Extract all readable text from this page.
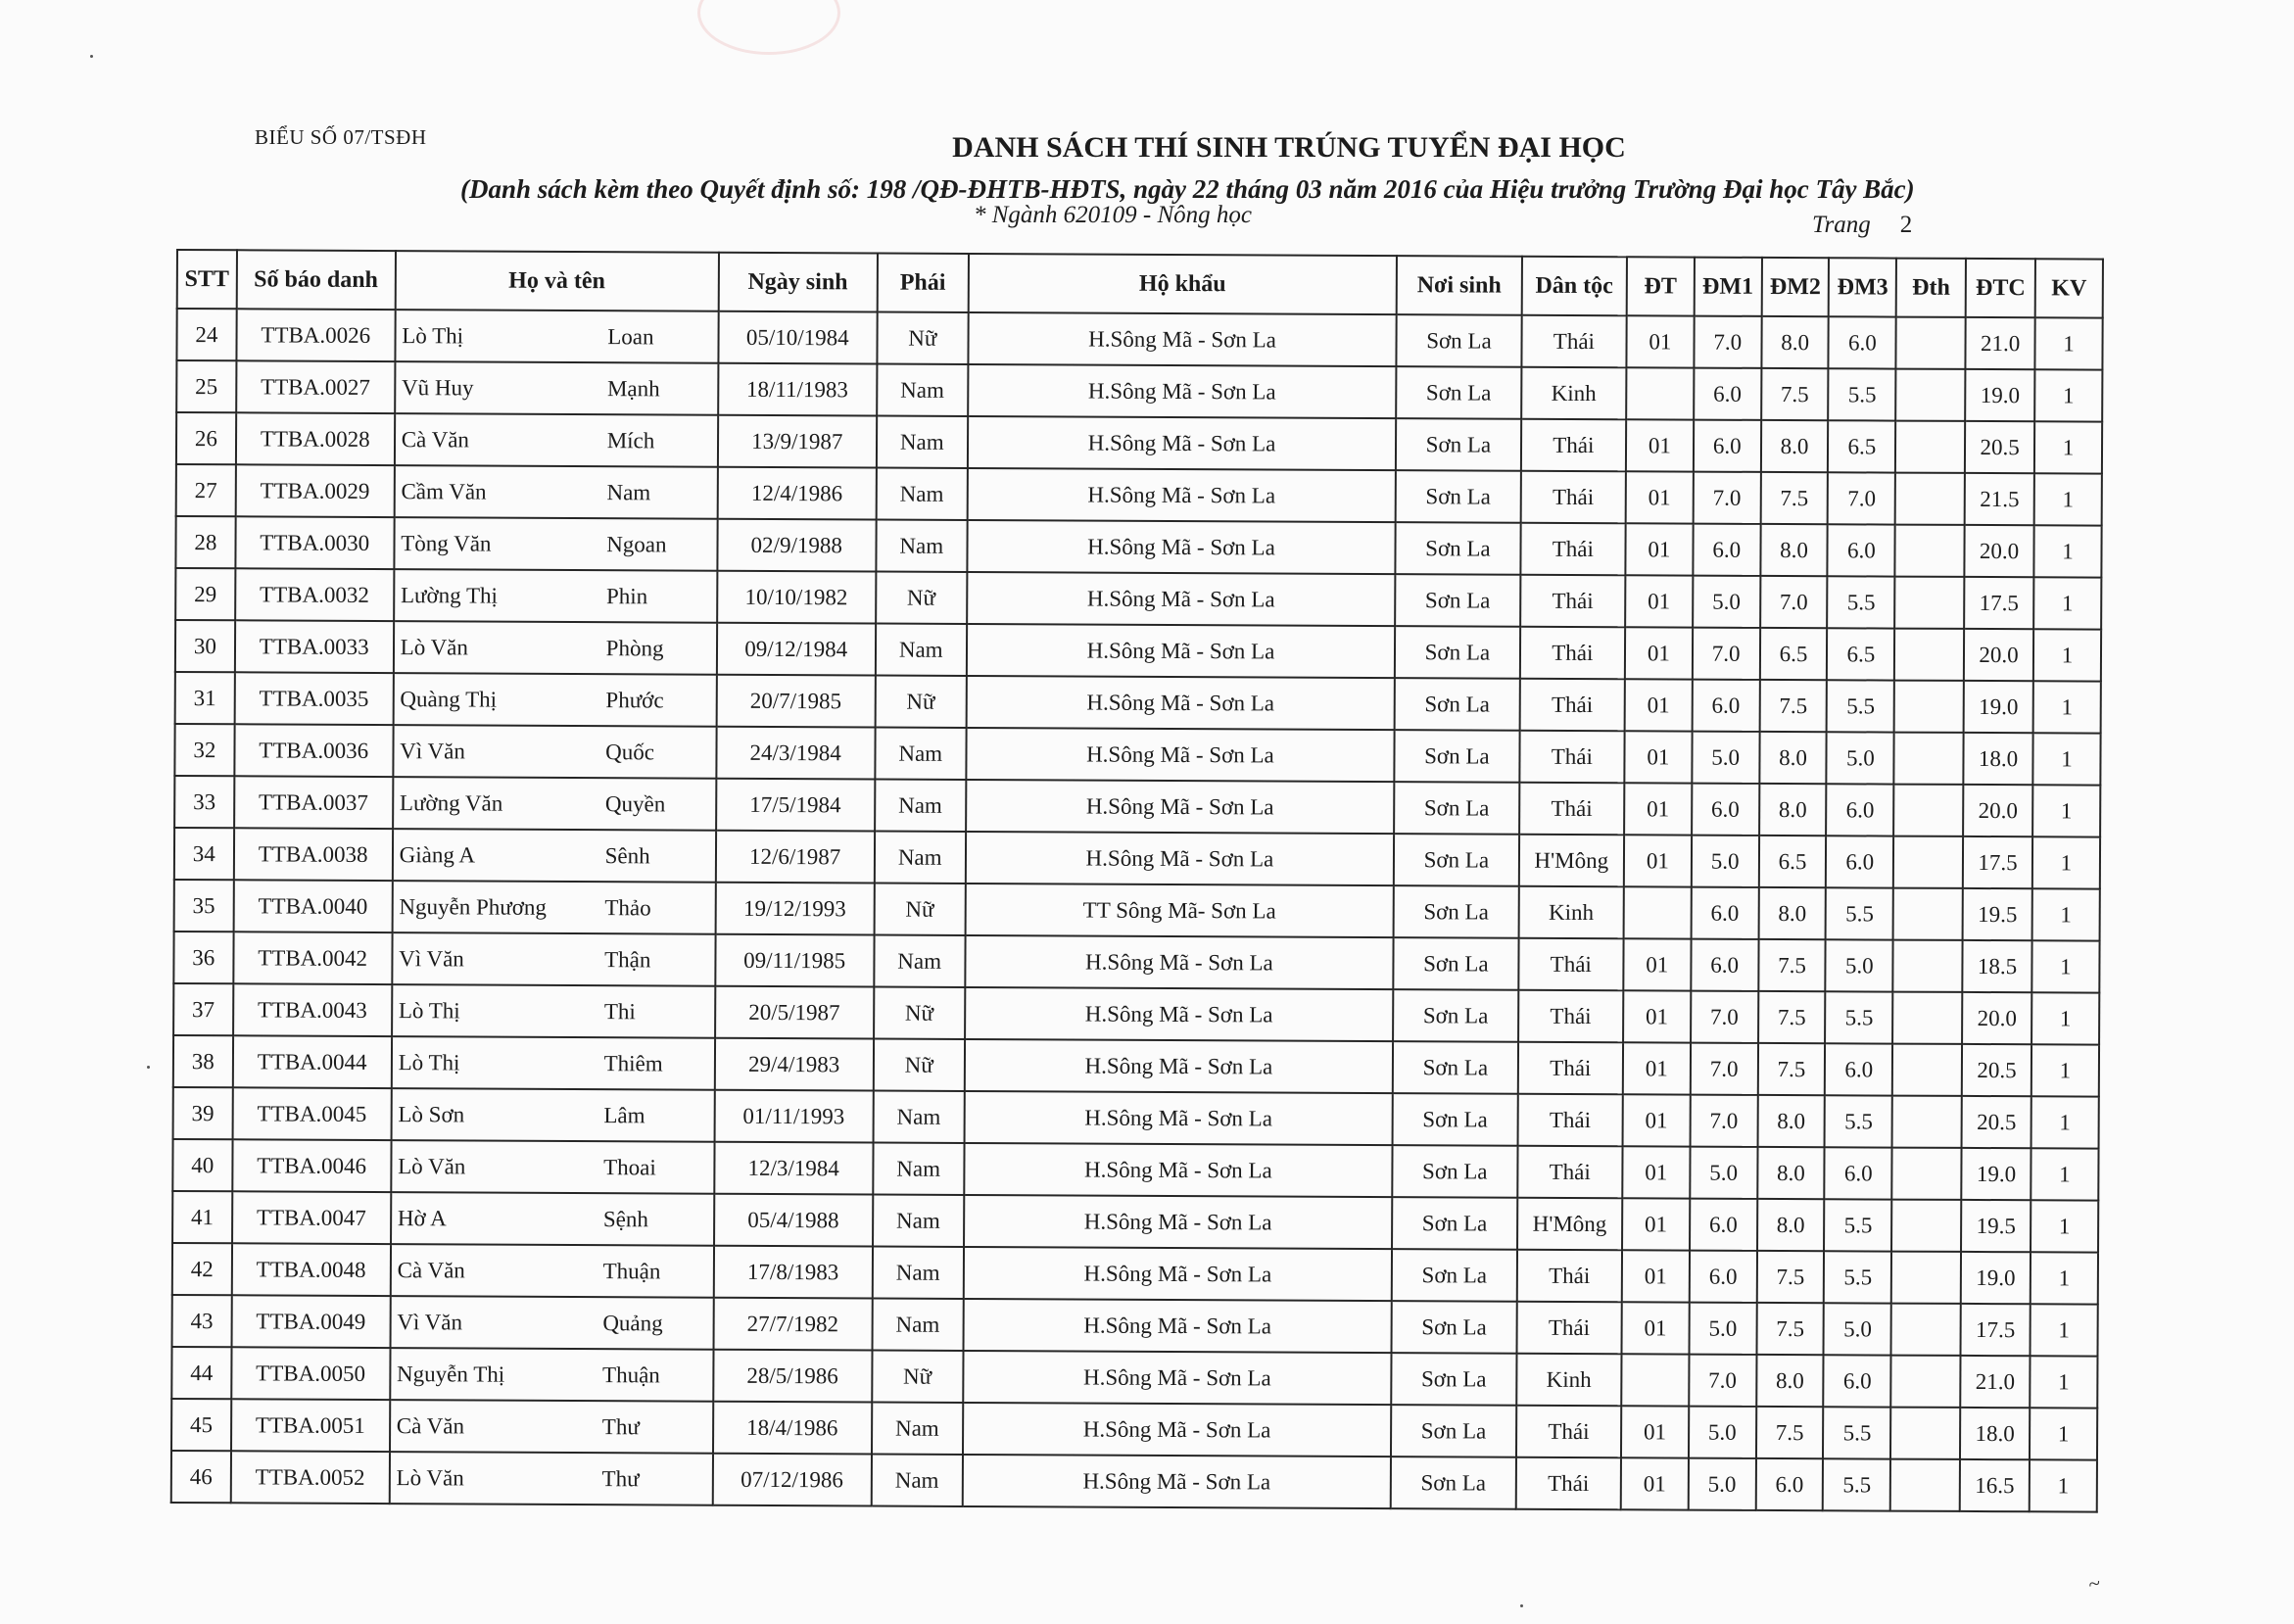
BIỂU SỐ 07/TSĐH	DANH SÁCH THÍ SINH TRÚNG TUYỂN ĐẠI HỌC
(Danh sách kèm theo Quyết định số: 198 /QĐ-ĐHTB-HĐTS, ngày 22 tháng 03 năm 2016 của Hiệu trưởng Trường Đại học Tây Bắc)
* Ngành 620109 - Nông học	Trang 2
STT	Số báo danh	Họ và tên	Ngày sinh	Phái	Hộ khẩu	Nơi sinh	Dân tộc	ĐT	ĐM1	ĐM2	ĐM3	Đth	ĐTC	KV
24	TTBA.0026	Lò Thị Loan	05/10/1984	Nữ	H.Sông Mã - Sơn La	Sơn La	Thái	01	7.0	8.0	6.0		21.0	1
25	TTBA.0027	Vũ Huy Mạnh	18/11/1983	Nam	H.Sông Mã - Sơn La	Sơn La	Kinh		6.0	7.5	5.5		19.0	1
26	TTBA.0028	Cà Văn Mích	13/9/1987	Nam	H.Sông Mã - Sơn La	Sơn La	Thái	01	6.0	8.0	6.5		20.5	1
27	TTBA.0029	Cầm Văn Nam	12/4/1986	Nam	H.Sông Mã - Sơn La	Sơn La	Thái	01	7.0	7.5	7.0		21.5	1
28	TTBA.0030	Tòng Văn Ngoan	02/9/1988	Nam	H.Sông Mã - Sơn La	Sơn La	Thái	01	6.0	8.0	6.0		20.0	1
29	TTBA.0032	Lường Thị Phin	10/10/1982	Nữ	H.Sông Mã - Sơn La	Sơn La	Thái	01	5.0	7.0	5.5		17.5	1
30	TTBA.0033	Lò Văn Phòng	09/12/1984	Nam	H.Sông Mã - Sơn La	Sơn La	Thái	01	7.0	6.5	6.5		20.0	1
31	TTBA.0035	Quàng Thị Phước	20/7/1985	Nữ	H.Sông Mã - Sơn La	Sơn La	Thái	01	6.0	7.5	5.5		19.0	1
32	TTBA.0036	Vì Văn Quốc	24/3/1984	Nam	H.Sông Mã - Sơn La	Sơn La	Thái	01	5.0	8.0	5.0		18.0	1
33	TTBA.0037	Lường Văn Quyền	17/5/1984	Nam	H.Sông Mã - Sơn La	Sơn La	Thái	01	6.0	8.0	6.0		20.0	1
34	TTBA.0038	Giàng A Sênh	12/6/1987	Nam	H.Sông Mã - Sơn La	Sơn La	H'Mông	01	5.0	6.5	6.0		17.5	1
35	TTBA.0040	Nguyễn Phương Thảo	19/12/1993	Nữ	TT Sông Mã- Sơn La	Sơn La	Kinh		6.0	8.0	5.5		19.5	1
36	TTBA.0042	Vì Văn Thận	09/11/1985	Nam	H.Sông Mã - Sơn La	Sơn La	Thái	01	6.0	7.5	5.0		18.5	1
37	TTBA.0043	Lò Thị Thi	20/5/1987	Nữ	H.Sông Mã - Sơn La	Sơn La	Thái	01	7.0	7.5	5.5		20.0	1
38	TTBA.0044	Lò Thị Thiêm	29/4/1983	Nữ	H.Sông Mã - Sơn La	Sơn La	Thái	01	7.0	7.5	6.0		20.5	1
39	TTBA.0045	Lò Sơn Lâm	01/11/1993	Nam	H.Sông Mã - Sơn La	Sơn La	Thái	01	7.0	8.0	5.5		20.5	1
40	TTBA.0046	Lò Văn Thoai	12/3/1984	Nam	H.Sông Mã - Sơn La	Sơn La	Thái	01	5.0	8.0	6.0		19.0	1
41	TTBA.0047	Hờ A Sệnh	05/4/1988	Nam	H.Sông Mã - Sơn La	Sơn La	H'Mông	01	6.0	8.0	5.5		19.5	1
42	TTBA.0048	Cà Văn Thuận	17/8/1983	Nam	H.Sông Mã - Sơn La	Sơn La	Thái	01	6.0	7.5	5.5		19.0	1
43	TTBA.0049	Vì Văn Quảng	27/7/1982	Nam	H.Sông Mã - Sơn La	Sơn La	Thái	01	5.0	7.5	5.0		17.5	1
44	TTBA.0050	Nguyễn Thị Thuận	28/5/1986	Nữ	H.Sông Mã - Sơn La	Sơn La	Kinh		7.0	8.0	6.0		21.0	1
45	TTBA.0051	Cà Văn Thư	18/4/1986	Nam	H.Sông Mã - Sơn La	Sơn La	Thái	01	5.0	7.5	5.5		18.0	1
46	TTBA.0052	Lò Văn Thư	07/12/1986	Nam	H.Sông Mã - Sơn La	Sơn La	Thái	01	5.0	6.0	5.5		16.5	1
~
